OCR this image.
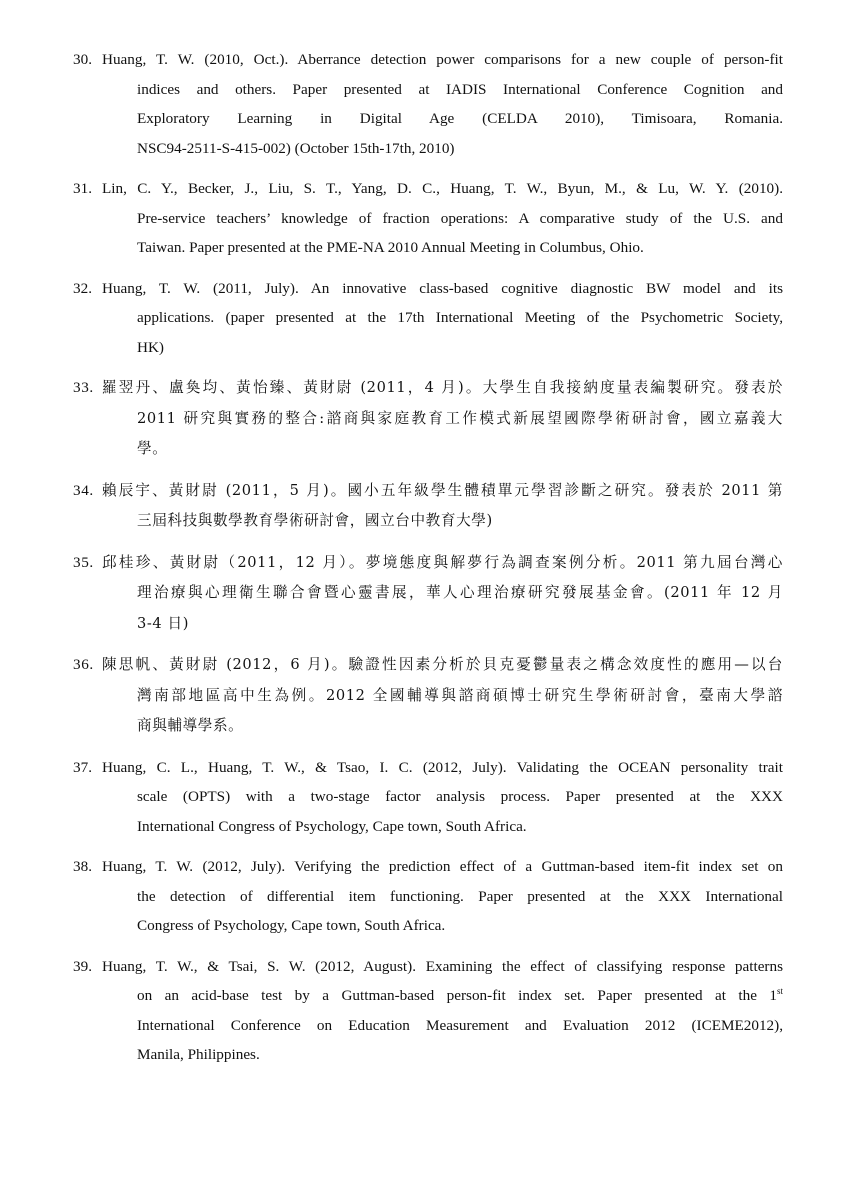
30. Huang, T. W. (2010, Oct.). Aberrance detection power comparisons for a new couple of person-fit
indices and others. Paper presented at IADIS International Conference Cognition and
Exploratory Learning in Digital Age (CELDA 2010), Timisoara, Romania.
NSC94-2511-S-415-002) (October 15th-17th, 2010)
31. Lin, C. Y., Becker, J., Liu, S. T., Yang, D. C., Huang, T. W., Byun, M., & Lu, W. Y. (2010).
Pre-service teachers’ knowledge of fraction operations: A comparative study of the U.S. and
Taiwan. Paper presented at the PME-NA 2010 Annual Meeting in Columbus, Ohio.
32. Huang, T. W. (2011, July). An innovative class-based cognitive diagnostic BW model and its
applications. (paper presented at the 17th International Meeting of the Psychometric Society,
HK)
33. 羅翌丹、盧奐均、黃怡臻、黃財尉 (2011，4 月)。大學生自我接納度量表編製研究。發表於
2011 研究與實務的整合:諮商與家庭教育工作模式新展望國際學術研討會，國立嘉義大
學。
34. 賴辰宇、黃財尉 (2011，5 月)。國小五年級學生體積單元學習診斷之研究。發表於 2011 第
三屆科技與數學教育學術研討會，國立台中教育大學)
35. 邱桂珍、黃財尉（2011，12 月）。夢境態度與解夢行為調查案例分析。2011 第九屆台灣心
理治療與心理衛生聯合會暨心靈書展，華人心理治療研究發展基金會。(2011 年 12 月
3-4 日)
36. 陳思帆、黃財尉 (2012，6 月)。驗證性因素分析於貝克憂鬱量表之構念效度性的應用—以台
灣南部地區高中生為例。2012 全國輔導與諮商碩博士研究生學術研討會，臺南大學諮
商與輔導學系。
37. Huang, C. L., Huang, T. W., & Tsao, I. C. (2012, July). Validating the OCEAN personality trait
scale (OPTS) with a two-stage factor analysis process. Paper presented at the XXX
International Congress of Psychology, Cape town, South Africa.
38. Huang, T. W. (2012, July). Verifying the prediction effect of a Guttman-based item-fit index set on
the detection of differential item functioning. Paper presented at the XXX International
Congress of Psychology, Cape town, South Africa.
39. Huang, T. W., & Tsai, S. W. (2012, August). Examining the effect of classifying response patterns
on an acid-base test by a Guttman-based person-fit index set. Paper presented at the 1st
International Conference on Education Measurement and Evaluation 2012 (ICEME2012),
Manila, Philippines.
